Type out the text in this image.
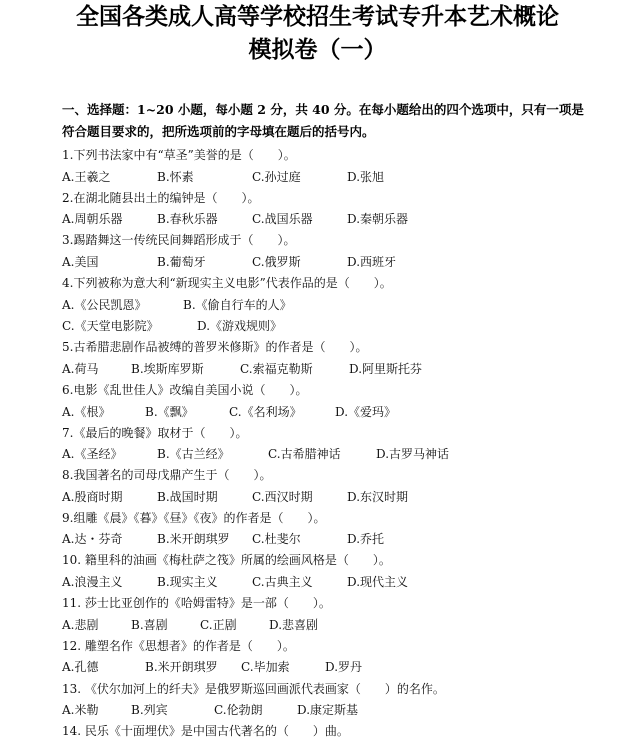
全国各类成人高等学校招生考试专升本艺术概论
模拟卷（一）
一、选择题：1~20 小题，每小题 2 分，共 40 分。在每小题给出的四个选项中，只有一项是
符合题目要求的，把所选项前的字母填在题后的括号内。
1.下列书法家中有“草圣”美誉的是（　　）。
A.王羲之	B.怀素	C.孙过庭	D.张旭
2.在湖北随县出土的编钟是（　　）。
A.周朝乐器	B.春秋乐器	C.战国乐器	D.秦朝乐器
3.踢踏舞这一传统民间舞蹈形成于（　　）。
A.美国	B.葡萄牙	C.俄罗斯	D.西班牙
4.下列被称为意大利“新现实主义电影”代表作品的是（　　）。
A.《公民凯恩》	B.《偷自行车的人》
C.《天堂电影院》	D.《游戏规则》
5.古希腊悲剧作品被缚的普罗米修斯》的作者是（　　）。
A.荷马	B.埃斯库罗斯	C.索福克勒斯	D.阿里斯托芬
6.电影《乱世佳人》改编自美国小说（　　）。
A.《根》	B.《飘》	C.《名利场》	D.《爱玛》
7.《最后的晚餐》取材于（　　）。
A.《圣经》	B.《古兰经》	C.古希腊神话	D.古罗马神话
8.我国著名的司母戊鼎产生于（　　）。
A.殷商时期	B.战国时期	C.西汉时期	D.东汉时期
9.组雕《晨》《暮》《昼》《夜》的作者是（　　）。
A.达・芬奇	B.米开朗琪罗 C.杜斐尔	D.乔托
10. 籍里科的油画《梅杜萨之筏》所属的绘画风格是（　　）。
A.浪漫主义	B.现实主义	C.古典主义	D.现代主义
11. 莎士比亚创作的《哈姆雷特》是一部（　　）。
A.悲剧	B.喜剧	C.正剧	D.悲喜剧
12. 雕塑名作《思想者》的作者是（　　）。
A.孔德	B.米开朗琪罗 C.毕加索	D.罗丹
13. 《伏尔加河上的纤夫》是俄罗斯巡回画派代表画家（　　）的名作。
A.米勒	B.列宾	C.伦勃朗	D.康定斯基
14. 民乐《十面埋伏》是中国古代著名的（　　）曲。
